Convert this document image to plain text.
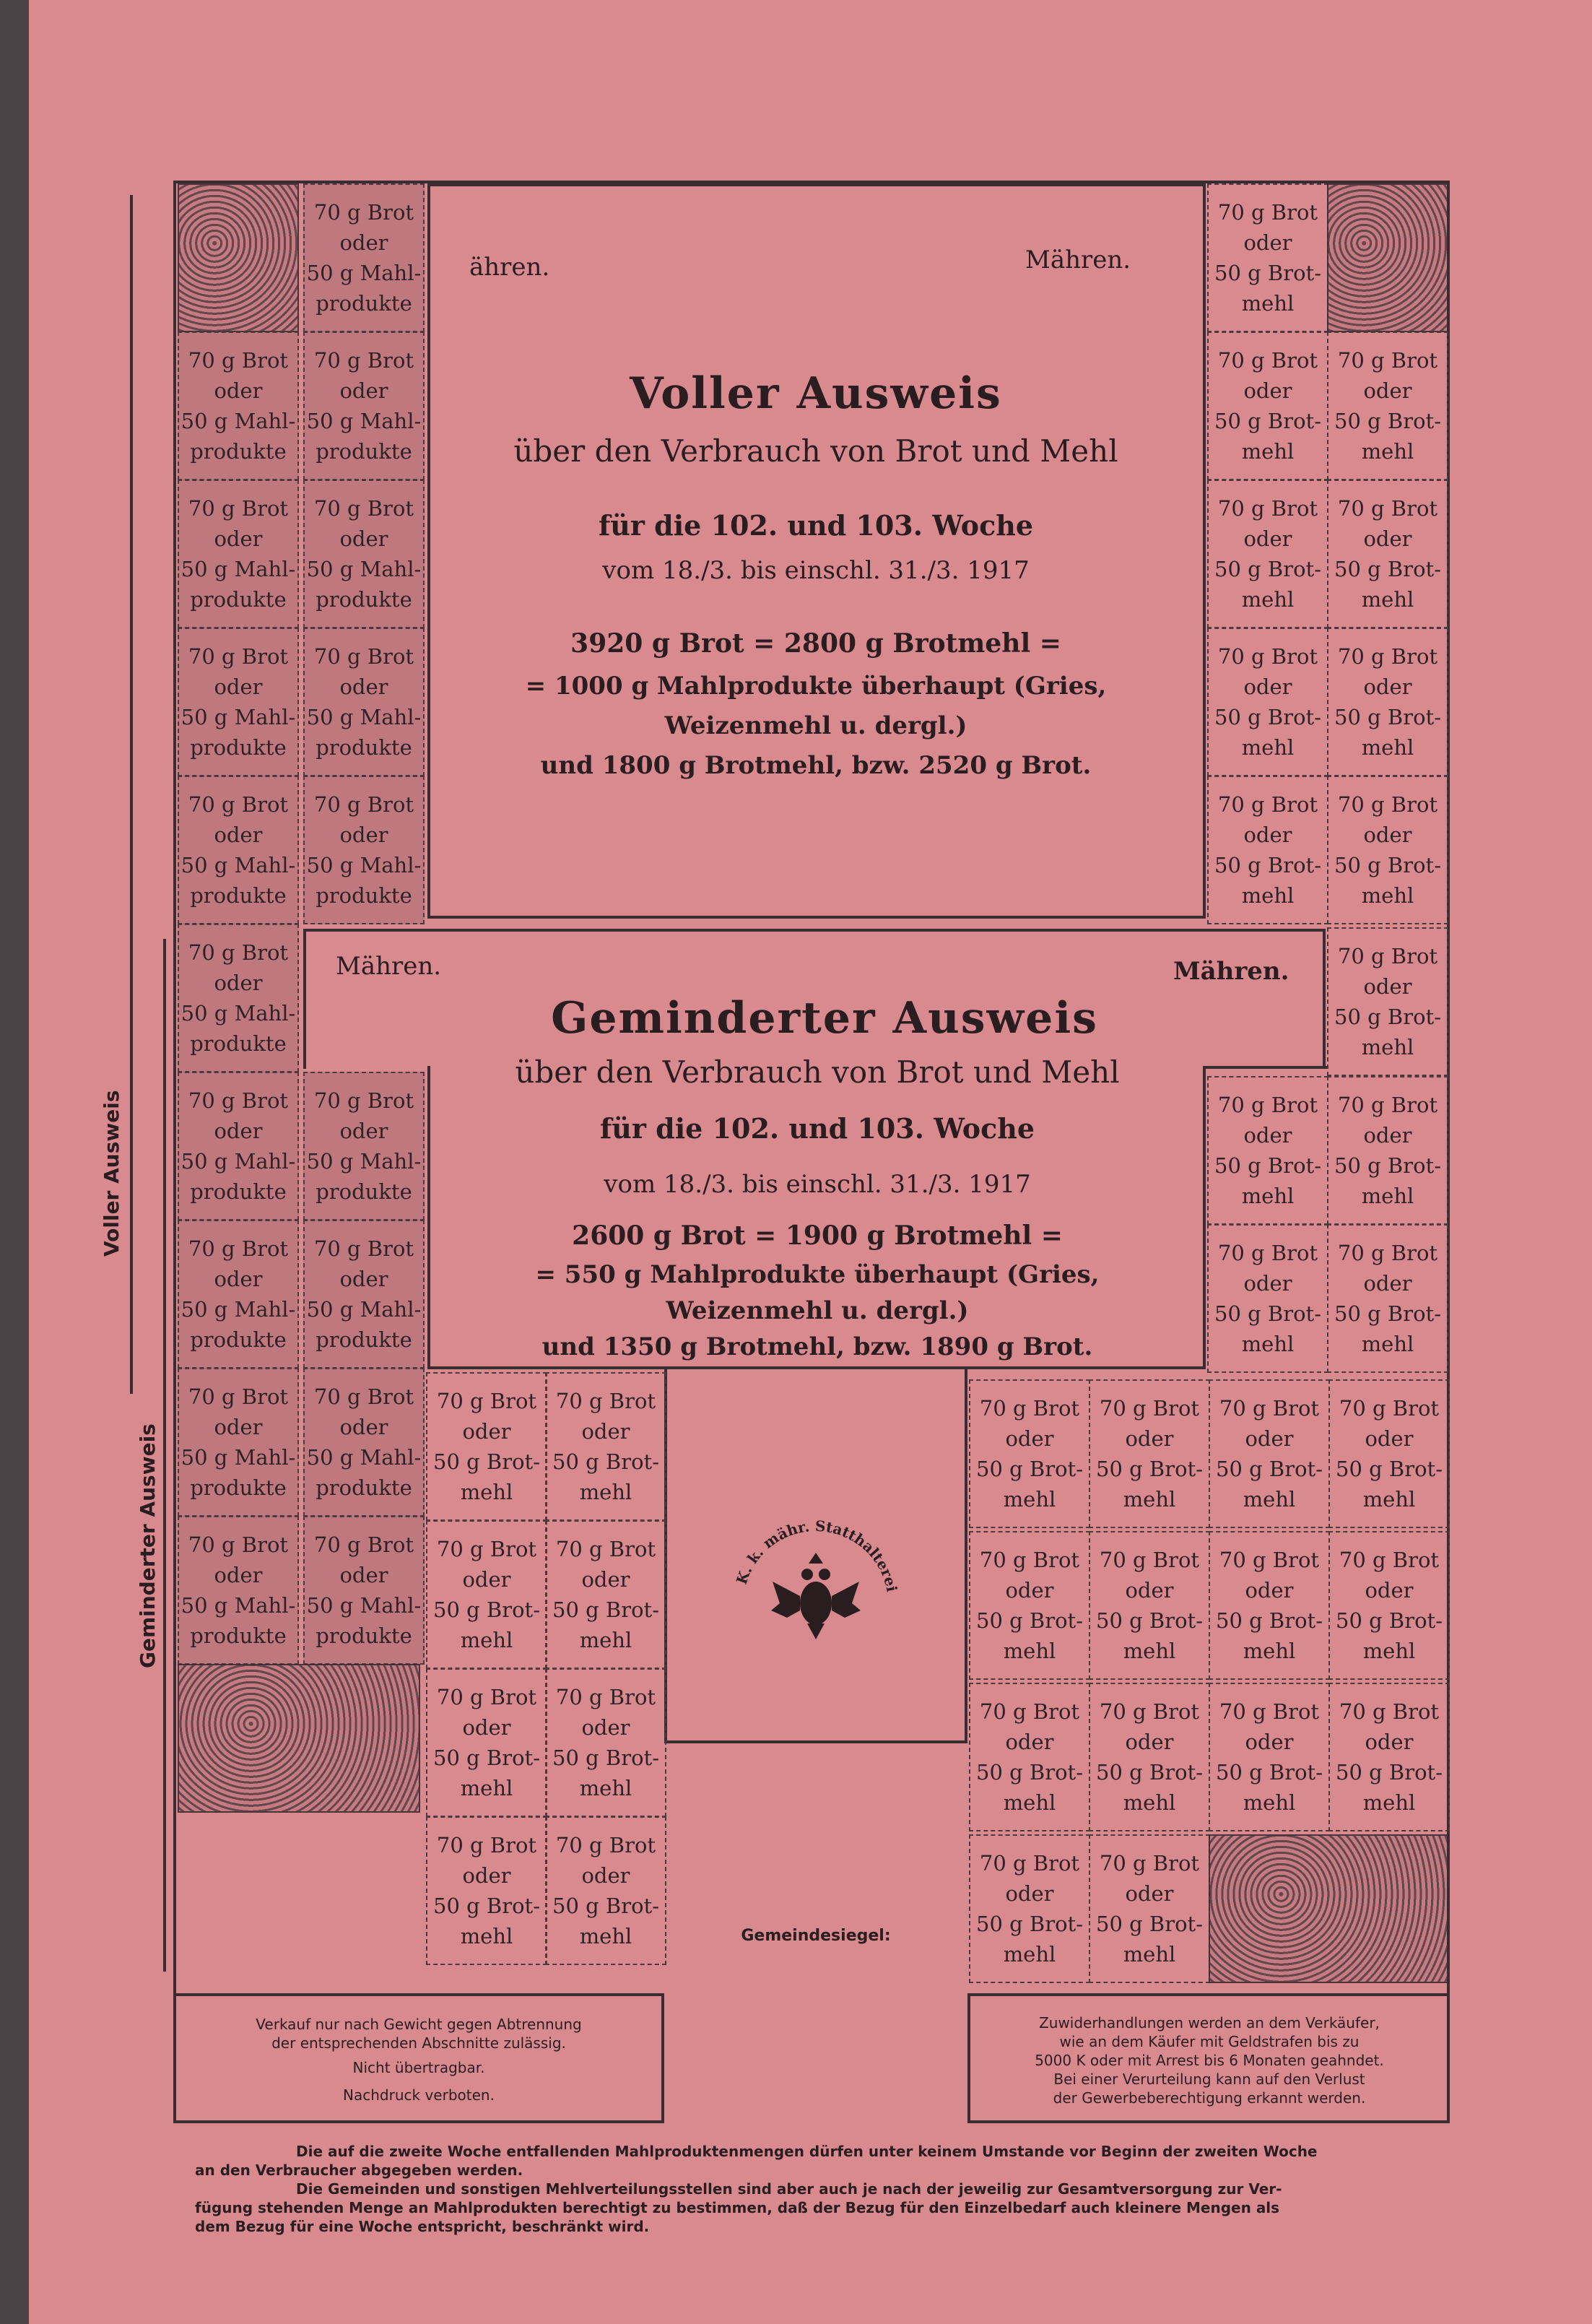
Voller Ausweis
Geminderter Ausweis
ähren.	Mähren.
Voller Ausweis
über den Verbrauch von Brot und Mehl
für die 102. und 103. Woche
vom 18./3. bis einschl. 31./3. 1917
3920 g Brot = 2800 g Brotmehl =
= 1000 g Mahlprodukte überhaupt (Gries,
Weizenmehl u. dergl.)
und 1800 g Brotmehl, bzw. 2520 g Brot.
Mähren.	Mähren.
Geminderter Ausweis
über den Verbrauch von Brot und Mehl
für die 102. und 103. Woche
vom 18./3. bis einschl. 31./3. 1917
2600 g Brot = 1900 g Brotmehl =
= 550 g Mahlprodukte überhaupt (Gries,
Weizenmehl u. dergl.)
und 1350 g Brotmehl, bzw. 1890 g Brot.
K. k. mähr. Statthalterei
Gemeindesiegel:
Verkauf nur nach Gewicht gegen Abtrennung
der entsprechenden Abschnitte zulässig.
Nicht übertragbar.
Nachdruck verboten.
Zuwiderhandlungen werden an dem Verkäufer,
wie an dem Käufer mit Geldstrafen bis zu
5000 K oder mit Arrest bis 6 Monaten geahndet.
Bei einer Verurteilung kann auf den Verlust
der Gewerbeberechtigung erkannt werden.
Die auf die zweite Woche entfallenden Mahlproduktenmengen dürfen unter keinem Umstande vor Beginn der zweiten Woche
an den Verbraucher abgegeben werden.
Die Gemeinden und sonstigen Mehlverteilungsstellen sind aber auch je nach der jeweilig zur Gesamtversorgung zur Ver-
fügung stehenden Menge an Mahlprodukten berechtigt zu bestimmen, daß der Bezug für den Einzelbedarf auch kleinere Mengen als
dem Bezug für eine Woche entspricht, beschränkt wird.
70 g Brot
oder
50 g Mahl-
produkte
70 g Brot
oder
50 g Mahl-
produkte
70 g Brot
oder
50 g Mahl-
produkte
70 g Brot
oder
50 g Mahl-
produkte
70 g Brot
oder
50 g Mahl-
produkte
70 g Brot
oder
50 g Mahl-
produkte
70 g Brot
oder
50 g Mahl-
produkte
70 g Brot
oder
50 g Mahl-
produkte
70 g Brot
oder
50 g Mahl-
produkte
70 g Brot
oder
50 g Mahl-
produkte
70 g Brot
oder
50 g Mahl-
produkte
70 g Brot
oder
50 g Mahl-
produkte
70 g Brot
oder
50 g Mahl-
produkte
70 g Brot
oder
50 g Mahl-
produkte
70 g Brot
oder
50 g Mahl-
produkte
70 g Brot
oder
50 g Mahl-
produkte
70 g Brot
oder
50 g Mahl-
produkte
70 g Brot
oder
50 g Mahl-
produkte
70 g Brot
oder
50 g Brot-
mehl
70 g Brot
oder
50 g Brot-
mehl
70 g Brot
oder
50 g Brot-
mehl
70 g Brot
oder
50 g Brot-
mehl
70 g Brot
oder
50 g Brot-
mehl
70 g Brot
oder
50 g Brot-
mehl
70 g Brot
oder
50 g Brot-
mehl
70 g Brot
oder
50 g Brot-
mehl
70 g Brot
oder
50 g Brot-
mehl
70 g Brot
oder
50 g Brot-
mehl
70 g Brot
oder
50 g Brot-
mehl
70 g Brot
oder
50 g Brot-
mehl
70 g Brot
oder
50 g Brot-
mehl
70 g Brot
oder
50 g Brot-
mehl
70 g Brot
oder
50 g Brot-
mehl
70 g Brot
oder
50 g Brot-
mehl
70 g Brot
oder
50 g Brot-
mehl
70 g Brot
oder
50 g Brot-
mehl
70 g Brot
oder
50 g Brot-
mehl
70 g Brot
oder
50 g Brot-
mehl
70 g Brot
oder
50 g Brot-
mehl
70 g Brot
oder
50 g Brot-
mehl
70 g Brot
oder
50 g Brot-
mehl
70 g Brot
oder
50 g Brot-
mehl
70 g Brot
oder
50 g Brot-
mehl
70 g Brot
oder
50 g Brot-
mehl
70 g Brot
oder
50 g Brot-
mehl
70 g Brot
oder
50 g Brot-
mehl
70 g Brot
oder
50 g Brot-
mehl
70 g Brot
oder
50 g Brot-
mehl
70 g Brot
oder
50 g Brot-
mehl
70 g Brot
oder
50 g Brot-
mehl
70 g Brot
oder
50 g Brot-
mehl
70 g Brot
oder
50 g Brot-
mehl
70 g Brot
oder
50 g Brot-
mehl
70 g Brot
oder
50 g Brot-
mehl
